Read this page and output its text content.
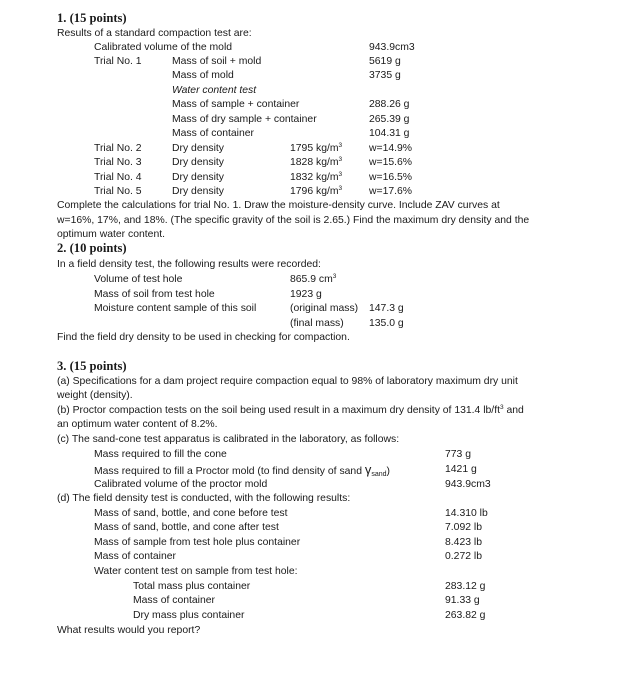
1. (15 points)
Results of a standard compaction test are:
Calibrated volume of the mold	943.9cm3
Trial No. 1	Mass of soil + mold	5619 g
Mass of mold	3735 g
Water content test
Mass of sample + container	288.26 g
Mass of dry sample + container	265.39 g
Mass of container	104.31 g
Trial No. 2	Dry density	1795 $kg/m^3$	w=14.9%
Trial No. 3	Dry density	1828 $kg/m^3$	w=15.6%
Trial No. 4	Dry density	1832 $kg/m^3$	w=16.5%
Trial No. 5	Dry density	1796 $kg/m^3$	w=17.6%
Complete the calculations for trial No. 1. Draw the moisture-density curve. Include ZAV curves at
w=16%, 17%, and 18%. (The specific gravity of the soil is 2.65.) Find the maximum dry density and the
optimum water content.
2. (10 points)
In a field density test, the following results were recorded:
Volume of test hole	865.9 $cm^3$
Mass of soil from test hole	1923 g
Moisture content sample of this soil	(original mass) 147.3 g
(final mass) 135.0 g
Find the field dry density to be used in checking for compaction.
3. (15 points)
(a) Specifications for a dam project require compaction equal to 98% of laboratory maximum dry unit
weight (density).
(b) Proctor compaction tests on the soil being used result in a maximum dry density of 131.4 $lb/ft^3$ and
an optimum water content of 8.2%.
(c) The sand-cone test apparatus is calibrated in the laboratory, as follows:
Mass required to fill the cone	773 g
Mass required to fill a Proctor mold (to find density of sand $\gamma_{sand}$)	1421 g
Calibrated volume of the proctor mold	943.9cm3
(d) The field density test is conducted, with the following results:
Mass of sand, bottle, and cone before test	14.310 lb
Mass of sand, bottle, and cone after test	7.092 lb
Mass of sample from test hole plus container	8.423 lb
Mass of container	0.272 lb
Water content test on sample from test hole:
Total mass plus container	283.12 g
Mass of container	91.33 g
Dry mass plus container	263.82 g
What results would you report?
